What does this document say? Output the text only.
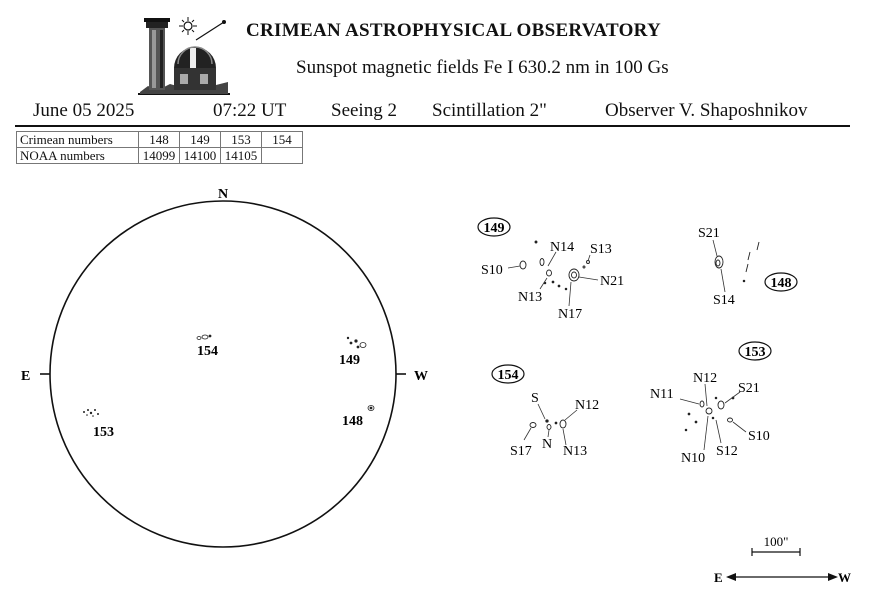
CRIMEAN ASTROPHYSICAL OBSERVATORY
Sunspot magnetic fields Fe I 630.2 nm in 100 Gs
June 05 2025	07:22 UT Seeing 2 Scintillation 2"	Observer V. Shaposhnikov
Crimean numbers	148	149	153	154
NOAA numbers	14099	14100	14105	
N
E	W
154
149
153
148
149
N14 S13
S10
N21
N13
N17
148
S21
S14
154
S	N12
S17 N N13
153
N12
N11	S21
S10
N10 S12
100"
E	W
